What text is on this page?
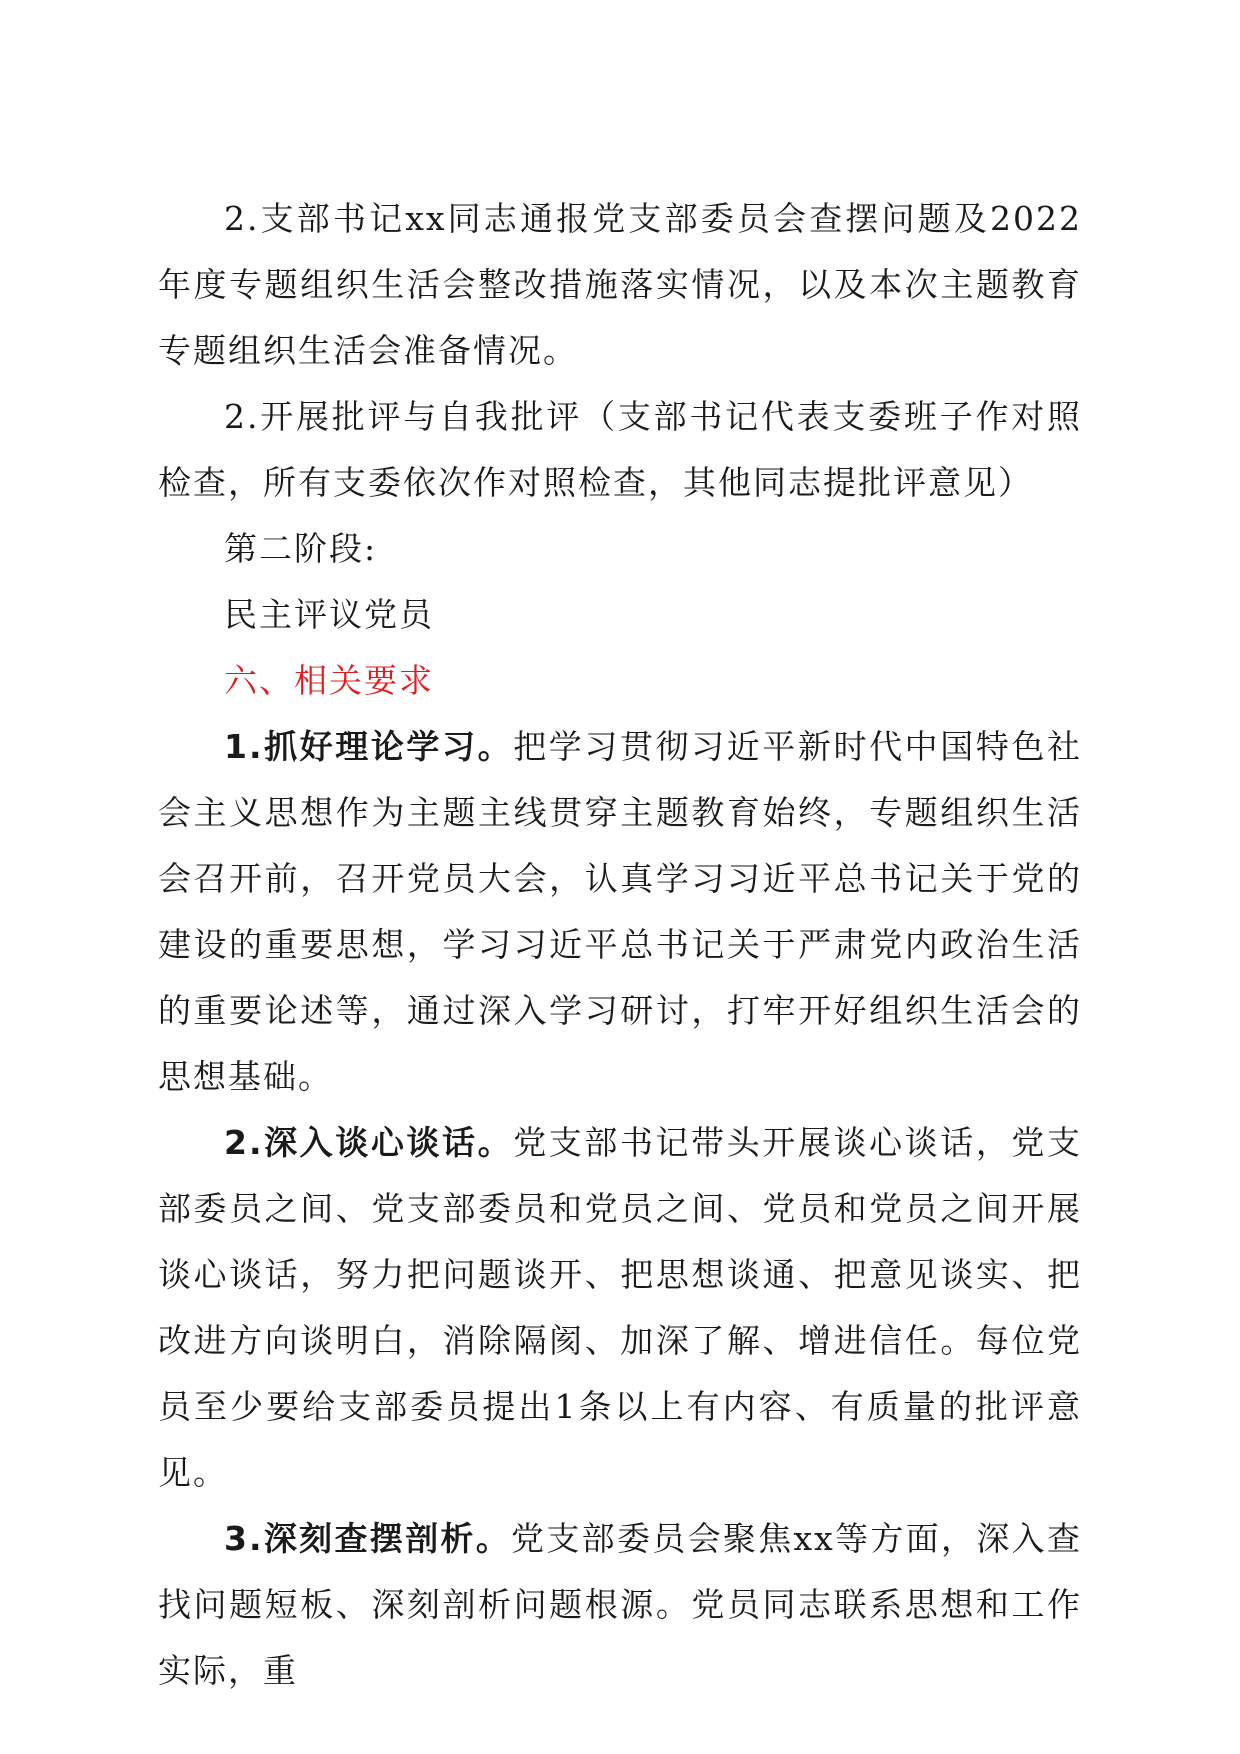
2.支部书记xx同志通报党支部委员会查摆问题及2022年度专题组织生活会整改措施落实情况，以及本次主题教育专题组织生活会准备情况。

2.开展批评与自我批评（支部书记代表支委班子作对照检查，所有支委依次作对照检查，其他同志提批评意见）

第二阶段:

民主评议党员

六、相关要求

1.抓好理论学习。把学习贯彻习近平新时代中国特色社会主义思想作为主题主线贯穿主题教育始终，专题组织生活会召开前，召开党员大会，认真学习习近平总书记关于党的建设的重要思想，学习习近平总书记关于严肃党内政治生活的重要论述等，通过深入学习研讨，打牢开好组织生活会的思想基础。

2.深入谈心谈话。党支部书记带头开展谈心谈话，党支部委员之间、党支部委员和党员之间、党员和党员之间开展谈心谈话，努力把问题谈开、把思想谈通、把意见谈实、把改进方向谈明白，消除隔阂、加深了解、增进信任。每位党员至少要给支部委员提出1条以上有内容、有质量的批评意见。

3.深刻查摆剖析。党支部委员会聚焦xx等方面，深入查找问题短板、深刻剖析问题根源。党员同志联系思想和工作实际，重
